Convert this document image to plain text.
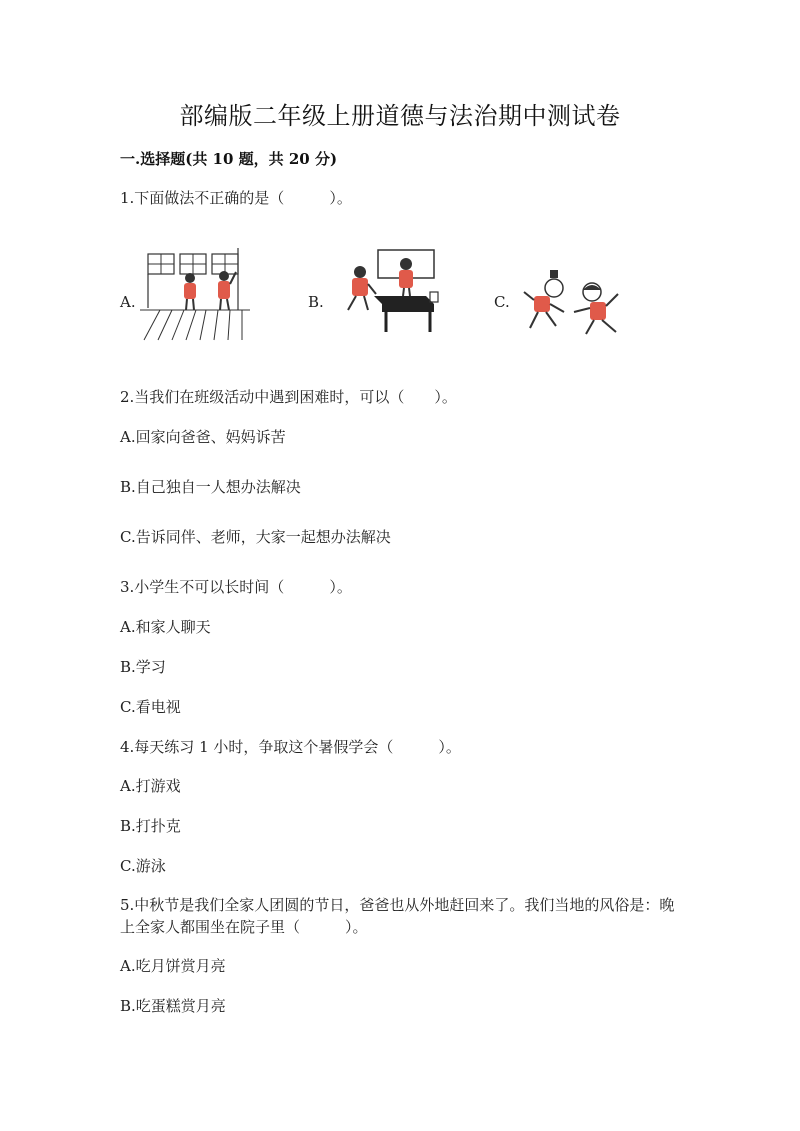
部编版二年级上册道德与法治期中测试卷
一.选择题(共 10 题，共 20 分)
1.下面做法不正确的是（　　　）。
A.	B.	C.
2.当我们在班级活动中遇到困难时，可以（　　）。
A.回家向爸爸、妈妈诉苦
B.自己独自一人想办法解决
C.告诉同伴、老师，大家一起想办法解决
3.小学生不可以长时间（　　　）。
A.和家人聊天
B.学习
C.看电视
4.每天练习 1 小时，争取这个暑假学会（　　　）。
A.打游戏
B.打扑克
C.游泳
5.中秋节是我们全家人团圆的节日，爸爸也从外地赶回来了。我们当地的风俗是：晚上全家人都围坐在院子里（　　　）。
A.吃月饼赏月亮
B.吃蛋糕赏月亮
